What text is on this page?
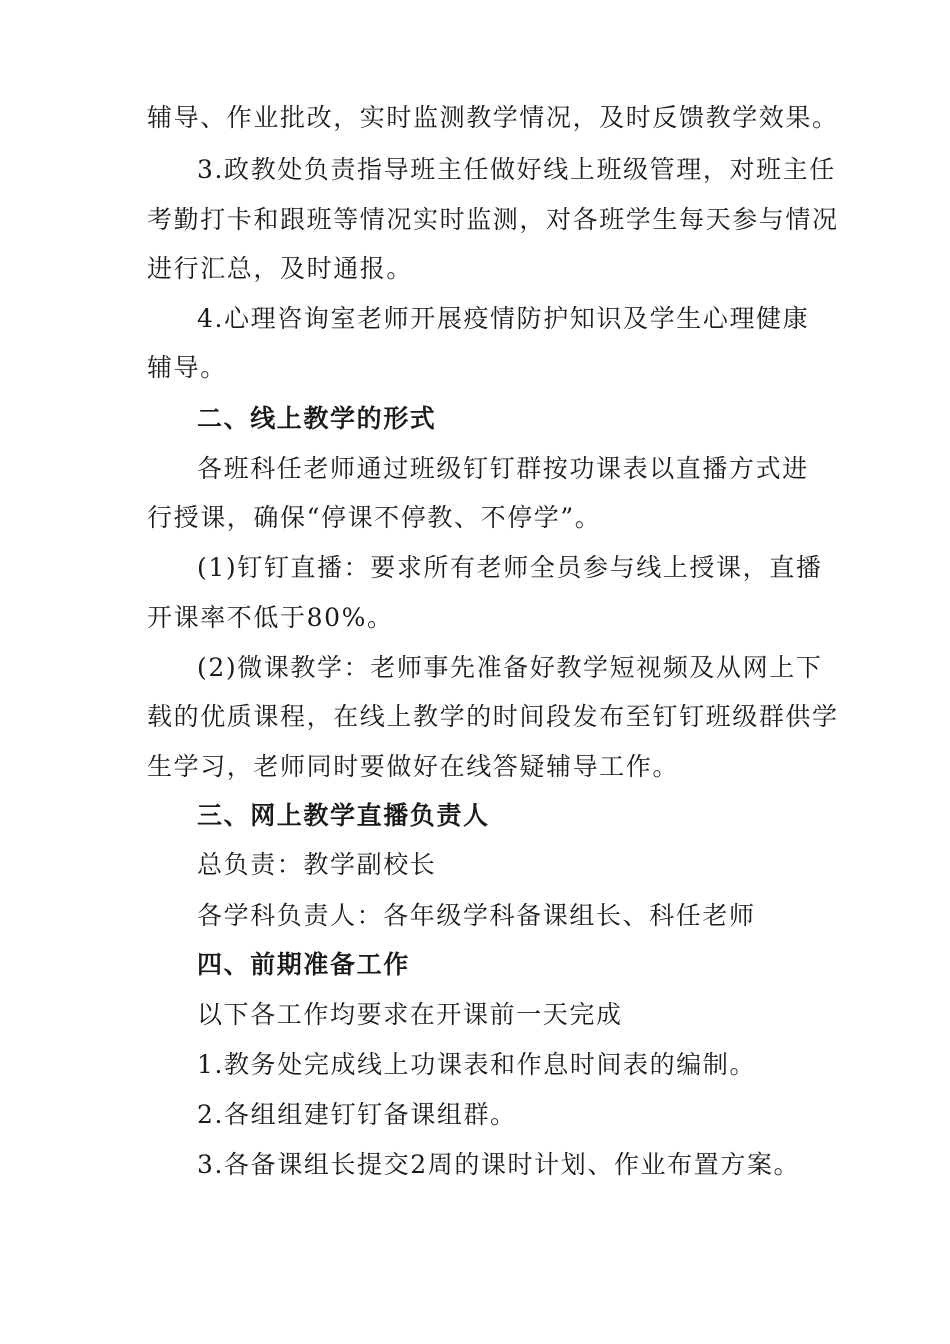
辅导、作业批改，实时监测教学情况，及时反馈教学效果。
3.政教处负责指导班主任做好线上班级管理，对班主任
考勤打卡和跟班等情况实时监测，对各班学生每天参与情况
进行汇总，及时通报。
4.心理咨询室老师开展疫情防护知识及学生心理健康
辅导。
二、线上教学的形式
各班科任老师通过班级钉钉群按功课表以直播方式进
行授课，确保“停课不停教、不停学”。
(1)钉钉直播：要求所有老师全员参与线上授课，直播
开课率不低于80%。
(2)微课教学：老师事先准备好教学短视频及从网上下
载的优质课程，在线上教学的时间段发布至钉钉班级群供学
生学习，老师同时要做好在线答疑辅导工作。
三、网上教学直播负责人
总负责：教学副校长
各学科负责人：各年级学科备课组长、科任老师
四、前期准备工作
以下各工作均要求在开课前一天完成
1.教务处完成线上功课表和作息时间表的编制。
2.各组组建钉钉备课组群。
3.各备课组长提交2周的课时计划、作业布置方案。
